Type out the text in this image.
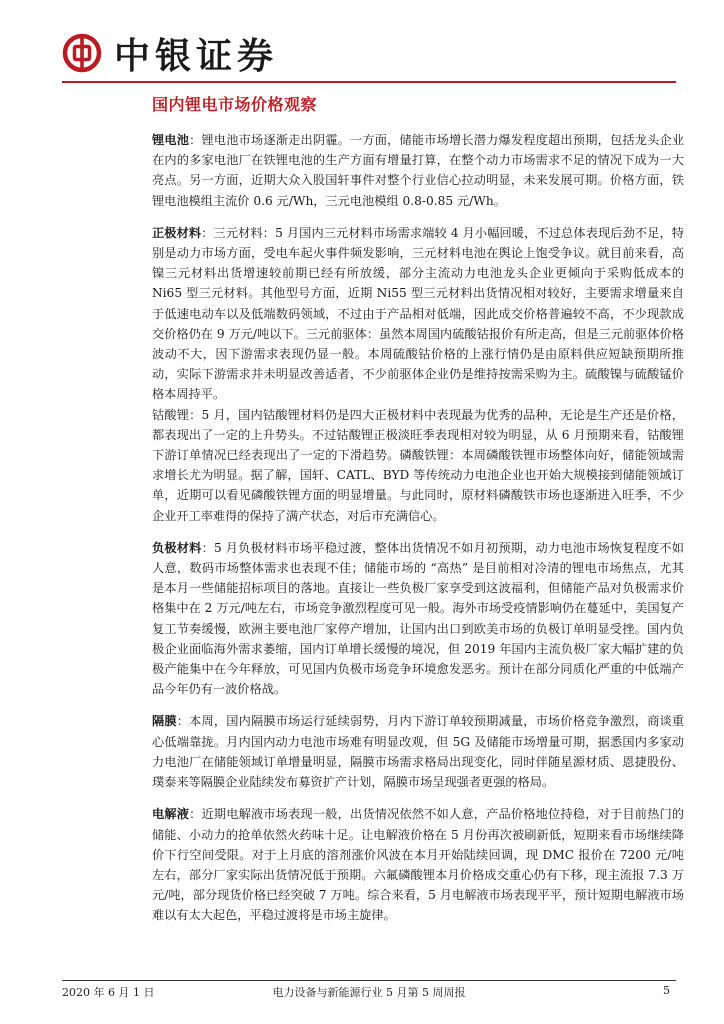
中银证券
国内锂电市场价格观察

锂电池：锂电池市场逐渐走出阴霾。一方面，储能市场增长潜力爆发程度超出预期，包括龙头企业在内的多家电池厂在铁锂电池的生产方面有增量打算，在整个动力市场需求不足的情况下成为一大亮点。另一方面，近期大众入股国轩事件对整个行业信心拉动明显，未来发展可期。价格方面，铁锂电池模组主流价 0.6 元/Wh，三元电池模组 0.8-0.85 元/Wh。

正极材料：三元材料：5 月国内三元材料市场需求端较 4 月小幅回暖，不过总体表现后劲不足，特别是动力市场方面，受电车起火事件频发影响，三元材料电池在舆论上饱受争议。就目前来看，高镍三元材料出货增速较前期已经有所放缓，部分主流动力电池龙头企业更倾向于采购低成本的 Ni65 型三元材料。其他型号方面，近期 Ni55 型三元材料出货情况相对较好，主要需求增量来自于低速电动车以及低端数码领域，不过由于产品相对低端，因此成交价格普遍较不高，不少现款成交价格仍在 9 万元/吨以下。三元前驱体：虽然本周国内硫酸钴报价有所走高，但是三元前驱体价格波动不大，因下游需求表现仍显一般。本周硫酸钴价格的上涨行情仍是由原料供应短缺预期所推动，实际下游需求并未明显改善适者，不少前驱体企业仍是维持按需采购为主。硫酸镍与硫酸锰价格本周持平。

钴酸锂：5 月，国内钴酸锂材料仍是四大正极材料中表现最为优秀的品种，无论是生产还是价格，都表现出了一定的上升势头。不过钴酸锂正极淡旺季表现相对较为明显，从 6 月预期来看，钴酸锂下游订单情况已经表现出了一定的下滑趋势。磷酸铁锂：本周磷酸铁锂市场整体向好，储能领域需求增长尤为明显。据了解，国轩、CATL、BYD 等传统动力电池企业也开始大规模接到储能领域订单，近期可以看见磷酸铁锂方面的明显增量。与此同时，原材料磷酸铁市场也逐渐进入旺季，不少企业开工率难得的保持了满产状态，对后市充满信心。

负极材料：5 月负极材料市场平稳过渡，整体出货情况不如月初预期，动力电池市场恢复程度不如人意，数码市场整体需求也表现不佳；储能市场的 “高热” 是目前相对冷清的锂电市场焦点，尤其是本月一些储能招标项目的落地。直接让一些负极厂家享受到这波福利，但储能产品对负极需求价格集中在 2 万元/吨左右，市场竞争激烈程度可见一般。海外市场受疫情影响仍在蔓延中，美国复产复工节奏缓慢，欧洲主要电池厂家停产增加，让国内出口到欧美市场的负极订单明显受挫。国内负极企业面临海外需求萎缩，国内订单增长缓慢的境况，但 2019 年国内主流负极厂家大幅扩建的负极产能集中在今年释放，可见国内负极市场竞争环境愈发恶劣。预计在部分同质化严重的中低端产品今年仍有一波价格战。

隔膜：本周，国内隔膜市场运行延续弱势，月内下游订单较预期减量，市场价格竞争激烈，商谈重心低端靠拢。月内国内动力电池市场难有明显改观，但 5G 及储能市场增量可期，据悉国内多家动力电池厂在储能领域订单增量明显，隔膜市场需求格局出现变化，同时伴随星源材质、恩捷股份、璞泰来等隔膜企业陆续发布募资扩产计划，隔膜市场呈现强者更强的格局。

电解液：近期电解液市场表现一般，出货情况依然不如人意，产品价格地位持稳，对于目前热门的储能、小动力的抢单依然火药味十足。让电解液价格在 5 月份再次被刷新低，短期来看市场继续降价下行空间受限。对于上月底的溶剂涨价风波在本月开始陆续回调，现 DMC 报价在 7200 元/吨左右，部分厂家实际出货情况低于预期。六氟磷酸锂本月价格成交重心仍有下移，现主流报 7.3 万元/吨，部分现货价格已经突破 7 万吨。综合来看，5 月电解液市场表现平平，预计短期电解液市场难以有太大起色，平稳过渡将是市场主旋律。

2020 年 6 月 1 日	电力设备与新能源行业 5 月第 5 周周报	5
